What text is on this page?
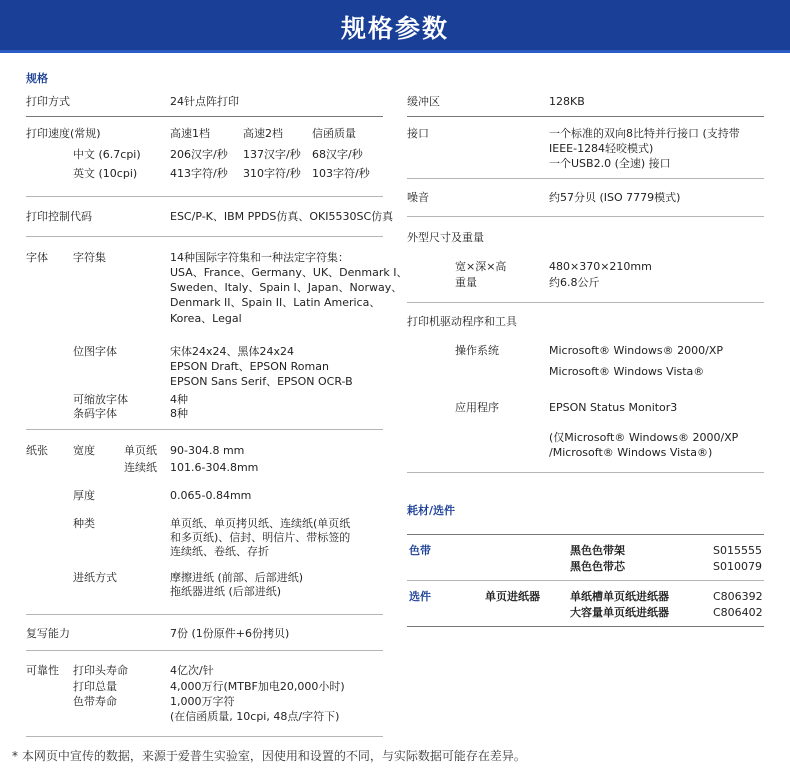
规格参数
规格
打印方式	24针点阵打印
打印速度(常规)	高速1档	高速2档	信函质量
中文 (6.7cpi)	206汉字/秒 137汉字/秒 68汉字/秒
英文 (10cpi)	413字符/秒 310字符/秒 103字符/秒
打印控制代码	ESC/P-K、IBM PPDS仿真、OKI5530SC仿真
字体 字符集	14种国际字符集和一种法定字符集：
USA、France、Germany、UK、Denmark I、
Sweden、Italy、Spain I、Japan、Norway、
Denmark II、Spain II、Latin America、
Korea、Legal
位图字体	宋体24x24、黑体24x24
EPSON Draft、EPSON Roman
EPSON Sans Serif、EPSON OCR-B
可缩放字体	4种
条码字体	8种
纸张 宽度	单页纸 90-304.8 mm
连续纸 101.6-304.8mm
厚度	0.065-0.84mm
种类	单页纸、单页拷贝纸、连续纸(单页纸
和多页纸)、信封、明信片、带标签的
连续纸、卷纸、存折
进纸方式	摩擦进纸 (前部、后部进纸)
拖纸器进纸 (后部进纸)
复写能力	7份 (1份原件+6份拷贝)
可靠性 打印头寿命	4亿次/针
打印总量	4,000万行(MTBF加电20,000小时)
色带寿命	1,000万字符
(在信函质量, 10cpi, 48点/字符下)
缓冲区	128KB
接口	一个标准的双向8比特并行接口 (支持带
IEEE-1284轻咬模式)
一个USB2.0 (全速) 接口
噪音	约57分贝 (ISO 7779模式)
外型尺寸及重量
宽×深×高	480×370×210mm
重量	约6.8公斤
打印机驱动程序和工具
操作系统	Microsoft® Windows® 2000/XP
Microsoft® Windows Vista®
应用程序	EPSON Status Monitor3
(仅Microsoft® Windows® 2000/XP
/Microsoft® Windows Vista®)
耗材/选件
色带	黑色色带架	S015555
黑色色带芯	S010079
选件	单页进纸器	单纸槽单页纸进纸器	C806392
大容量单页纸进纸器	C806402
* 本网页中宣传的数据，来源于爱普生实验室，因使用和设置的不同，与实际数据可能存在差异。
